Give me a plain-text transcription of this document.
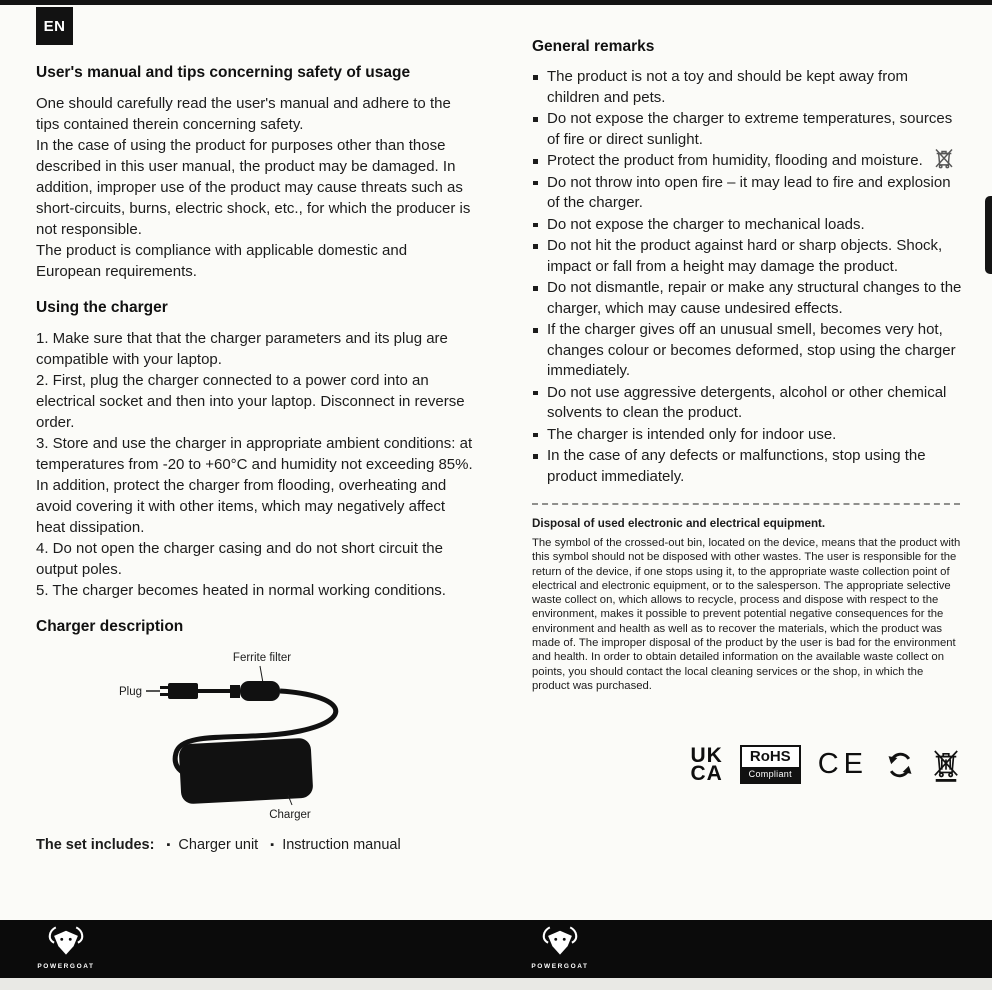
EN
User's manual and tips concerning safety of usage

One should carefully read the user's manual and adhere to the tips contained therein concerning safety.

In the case of using the product for purposes other than those described in this user manual, the product may be damaged. In addition, improper use of the product may cause threats such as short-circuits, burns, electric shock, etc., for which the producer is not responsible.

The product is compliance with applicable domestic and European requirements.

Using the charger

1. Make sure that that the charger parameters and its plug are compatible with your laptop.

2. First, plug the charger connected to a power cord into an electrical socket and then into your laptop. Disconnect in reverse order.

3. Store and use the charger in appropriate ambient conditions: at temperatures from -20 to +60°C and humidity not exceeding 85%. In addition, protect the charger from flooding, overheating and avoid covering it with other items, which may negatively affect heat dissipation.

4. Do not open the charger casing and do not short circuit the output poles.

5. The charger becomes heated in normal working conditions.

Charger description
Ferrite filter
Plug
Charger
The set includes: ▪ Charger unit ▪ Instruction manual
General remarks
The product is not a toy and should be kept away from children and pets.
Do not expose the charger to extreme temperatures, sources of fire or direct sunlight.
Protect the product from humidity, flooding and moisture.
Do not throw into open fire – it may lead to fire and explosion of the charger.
Do not expose the charger to mechanical loads.
Do not hit the product against hard or sharp objects. Shock, impact or fall from a height may damage the product.
Do not dismantle, repair or make any structural changes to the charger, which may cause undesired effects.
If the charger gives off an unusual smell, becomes very hot, changes colour or becomes deformed, stop using the charger immediately.
Do not use aggressive detergents, alcohol or other chemical solvents to clean the product.
The charger is intended only for indoor use.
In the case of any defects or malfunctions, stop using the product immediately.
Disposal of used electronic and electrical equipment.

The symbol of the crossed-out bin, located on the device, means that the product with this symbol should not be disposed with other wastes. The user is responsible for the return of the device, if one stops using it, to the appropriate waste collection point of electrical and electronic equipment, or to the salesperson. The appropriate selective waste collect on, which allows to recycle, process and dispose with respect to the environment, makes it possible to prevent potential negative consequences for the environment and health as well as to recover the materials, which the product was made of. The improper disposal of the product by the user is bad for the environment and health. In order to obtain detailed information on the available waste collect on points, you should contact the local cleaning services or the shop, in which the product was purchased.

UK
CA
RoHS
Compliant CE
POWERGOAT	POWERGOAT
